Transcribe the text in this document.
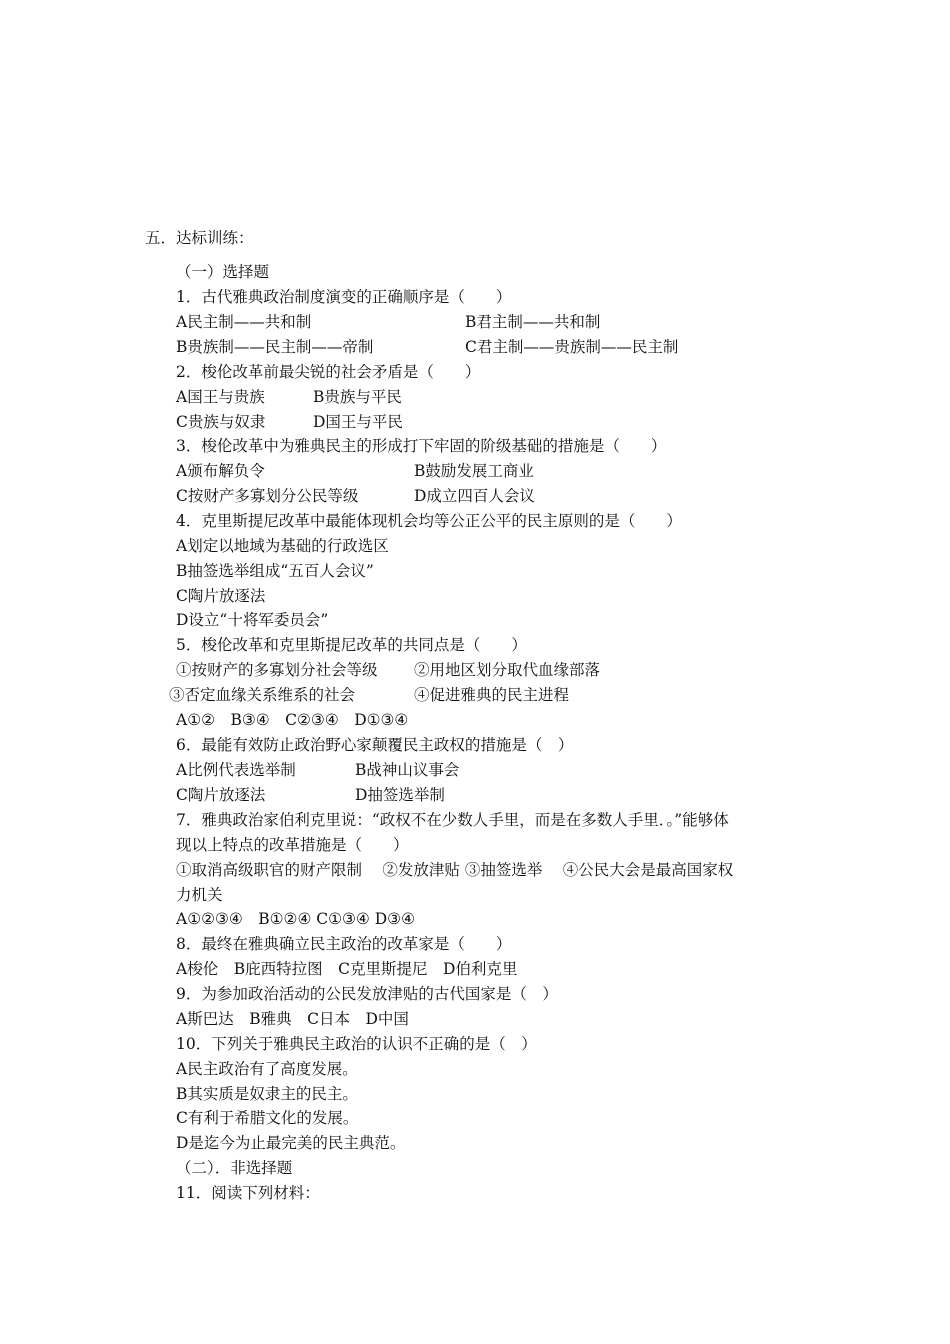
五．达标训练：
（一）选择题
1．古代雅典政治制度演变的正确顺序是（　　）
A民主制——共和制	B君主制——共和制
B贵族制——民主制——帝制	C君主制——贵族制——民主制
2．梭伦改革前最尖锐的社会矛盾是（　　）
A国王与贵族	B贵族与平民
C贵族与奴隶	D国王与平民
3．梭伦改革中为雅典民主的形成打下牢固的阶级基础的措施是（　　）
A颁布解负令	B鼓励发展工商业
C按财产多寡划分公民等级	D成立四百人会议
4．克里斯提尼改革中最能体现机会均等公正公平的民主原则的是（　　）
A划定以地域为基础的行政选区
B抽签选举组成“五百人会议”
C陶片放逐法
D设立“十将军委员会”
5．梭伦改革和克里斯提尼改革的共同点是（　　）
①按财产的多寡划分社会等级 ②用地区划分取代血缘部落
③否定血缘关系维系的社会	④促进雅典的民主进程
A①②　B③④　C②③④　D①③④
6．最能有效防止政治野心家颠覆民主政权的措施是（　）
A比例代表选举制	B战神山议事会
C陶片放逐法	D抽签选举制
7．雅典政治家伯利克里说：“政权不在少数人手里，而是在多数人手里．。”能够体
现以上特点的改革措施是（　　）
①取消高级职官的财产限制　 ②发放津贴 ③抽签选举　 ④公民大会是最高国家权
力机关
A①②③④　B①②④ C①③④ D③④
8．最终在雅典确立民主政治的改革家是（　　）
A梭伦　B庇西特拉图　C克里斯提尼　D伯利克里
9．为参加政治活动的公民发放津贴的古代国家是（　）
A斯巴达　B雅典　C日本　D中国
10．下列关于雅典民主政治的认识不正确的是（　）
A民主政治有了高度发展。
B其实质是奴隶主的民主。
C有利于希腊文化的发展。
D是迄今为止最完美的民主典范。
（二）．非选择题
11．阅读下列材料：
